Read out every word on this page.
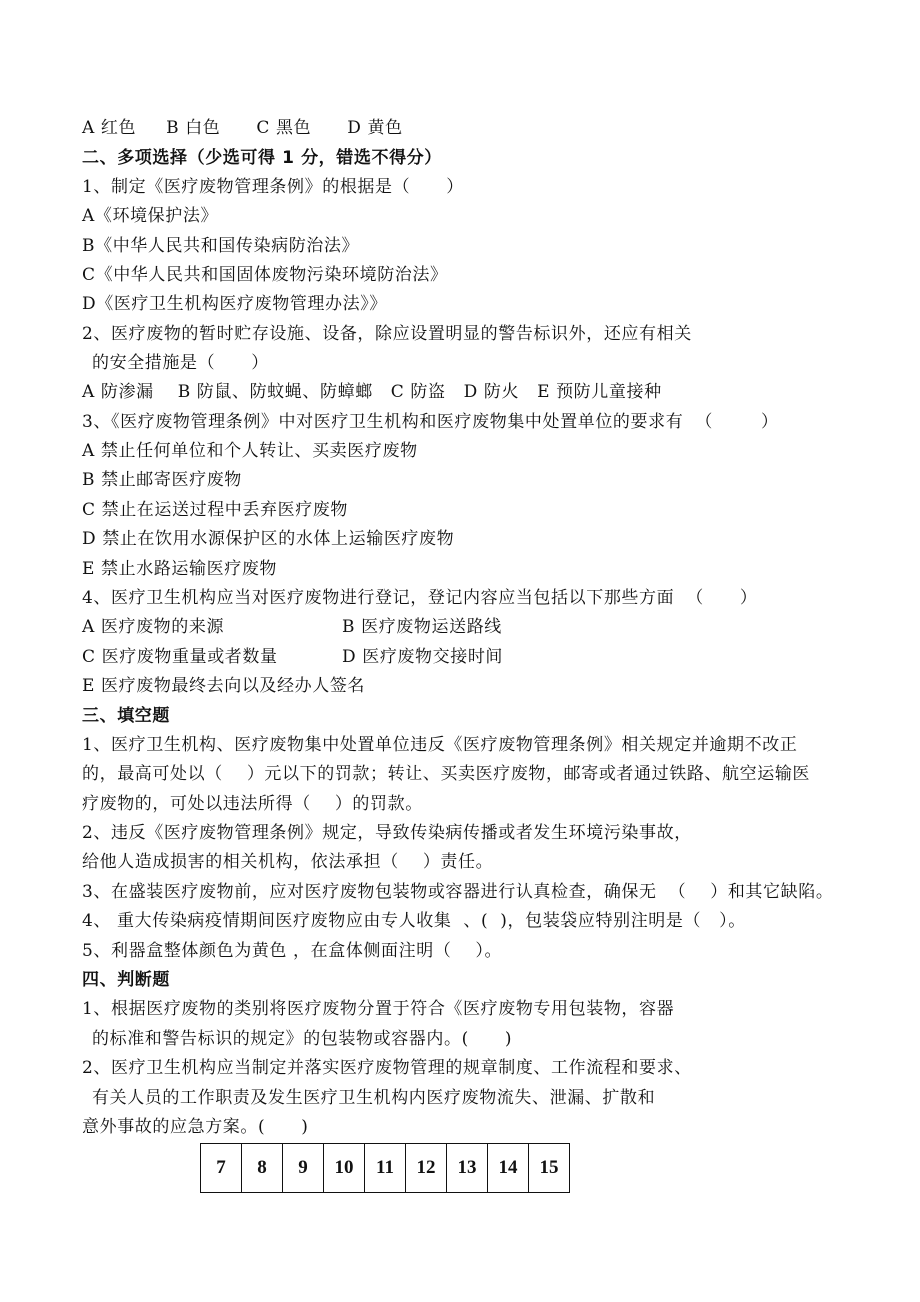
A 红色     B 白色      C 黑色      D 黄色
二、多项选择（少选可得 1 分，错选不得分）
1、制定《医疗废物管理条例》的根据是（      ）
A《环境保护法》
B《中华人民共和国传染病防治法》
C《中华人民共和国固体废物污染环境防治法》
D《医疗卫生机构医疗废物管理办法》》
2、医疗废物的暂时贮存设施、设备，除应设置明显的警告标识外，还应有相关
的安全措施是（      ）
A 防渗漏    B 防鼠、防蚊蝇、防蟑螂   C 防盗   D 防火   E 预防儿童接种
3、《医疗废物管理条例》中对医疗卫生机构和医疗废物集中处置单位的要求有  （        ）
A 禁止任何单位和个人转让、买卖医疗废物
B 禁止邮寄医疗废物
C 禁止在运送过程中丢弃医疗废物
D 禁止在饮用水源保护区的水体上运输医疗废物
E 禁止水路运输医疗废物
4、医疗卫生机构应当对医疗废物进行登记，登记内容应当包括以下那些方面  （      ）
A 医疗废物的来源	B 医疗废物运送路线
C 医疗废物重量或者数量	D 医疗废物交接时间
E 医疗废物最终去向以及经办人签名
三、填空题
1、医疗卫生机构、医疗废物集中处置单位违反《医疗废物管理条例》相关规定并逾期不改正
的，最高可处以（    ）元以下的罚款；转让、买卖医疗废物，邮寄或者通过铁路、航空运输医
疗废物的，可处以违法所得（    ）的罚款。
2、违反《医疗废物管理条例》规定，导致传染病传播或者发生环境污染事故，
给他人造成损害的相关机构，依法承担（    ）责任。
3、在盛装医疗废物前，应对医疗废物包装物或容器进行认真检查，确保无  （    ）和其它缺陷。
4、 重大传染病疫情期间医疗废物应由专人收集  、(  )，包装袋应特别注明是（   ）。
5、利器盒整体颜色为黄色 ，在盒体侧面注明（    ）。
四、判断题
1、根据医疗废物的类别将医疗废物分置于符合《医疗废物专用包装物，容器
的标准和警告标识的规定》的包装物或容器内。(      )
2、医疗卫生机构应当制定并落实医疗废物管理的规章制度、工作流程和要求、
有关人员的工作职责及发生医疗卫生机构内医疗废物流失、泄漏、扩散和
意外事故的应急方案。(      )
7	8	9	10	11	12	13	14	15
